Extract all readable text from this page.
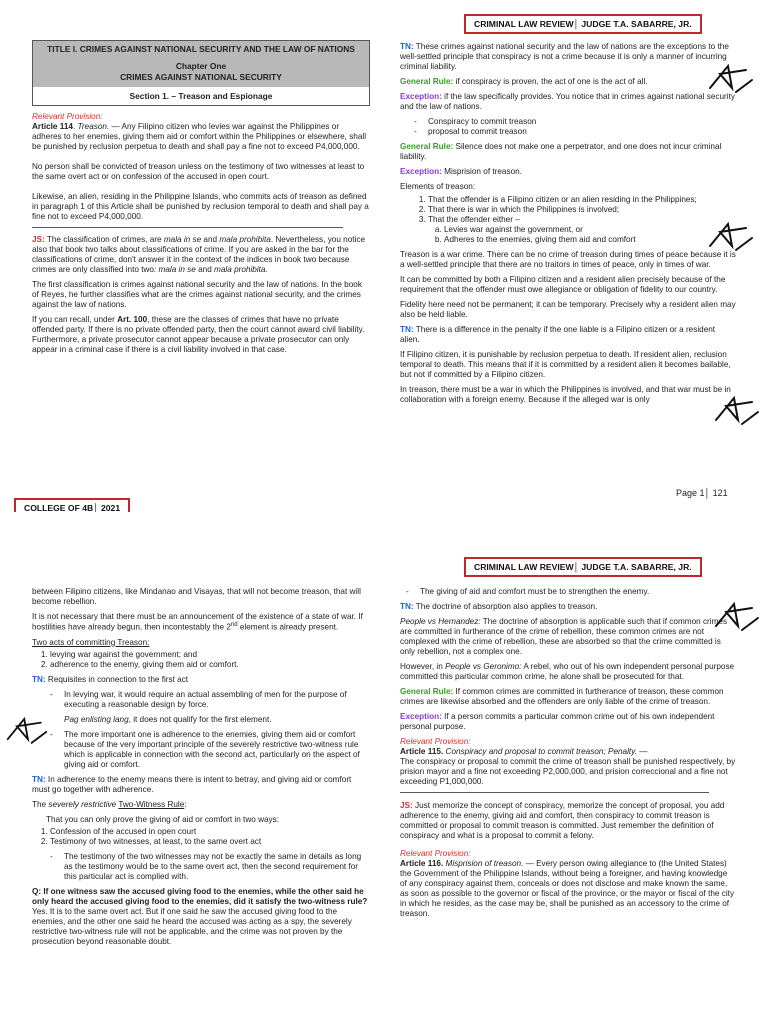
CRIMINAL LAW REVIEW│ JUDGE T.A. SABARRE, JR.
TITLE I. CRIMES AGAINST NATIONAL SECURITY AND THE LAW OF NATIONS
Chapter One
CRIMES AGAINST NATIONAL SECURITY
Section 1. – Treason and Espionage

Relevant Provision:

Article 114. Treason. — Any Filipino citizen who levies war against the Philippines or adheres to her enemies, giving them aid or comfort within the Philippines or elsewhere, shall be punished by reclusion perpetua to death and shall pay a fine not to exceed P4,000,000.

No person shall be convicted of treason unless on the testimony of two witnesses at least to the same overt act or on confession of the accused in open court.

Likewise, an alien, residing in the Philippine Islands, who commits acts of treason as defined in paragraph 1 of this Article shall be punished by reclusion temporal to death and shall pay a fine not to exceed P4,000,000.

JS: The classification of crimes, are mala in se and mala prohibita. Nevertheless, you notice also that book two talks about classifications of crime. If you are asked in the bar for the classifications of crime, don't answer it in the context of the indices in book two because crimes are only classified into two: mala in se and mala prohibita.

The first classification is crimes against national security and the law of nations. In the book of Reyes, he further classifies what are the crimes against national security, and the crimes against the law of nations.

If you can recall, under Art. 100, these are the classes of crimes that have no private offended party. If there is no private offended party, then the court cannot award civil liability. Furthermore, a private prosecutor cannot appear because a private prosecutor can only appear in a criminal case if there is a civil liability involved in that case.

COLLEGE OF 4B│ 2021

TN: These crimes against national security and the law of nations are the exceptions to the well-settled principle that conspiracy is not a crime because it is only a manner of incurring criminal liability.

General Rule: if conspiracy is proven, the act of one is the act of all.

Exception: if the law specifically provides. You notice that in crimes against national security and the law of nations.

- Conspiracy to commit treason
- proposal to commit treason

General Rule: Silence does not make one a perpetrator, and one does not incur criminal liability.

Exception: Misprision of treason.

Elements of treason:

1. That the offender is a Filipino citizen or an alien residing in the Philippines;
2. That there is war in which the Philippines is involved;
3. That the offender either –
a. Levies war against the government, or
b. Adheres to the enemies, giving them aid and comfort

Treason is a war crime. There can be no crime of treason during times of peace because it is a well-settled principle that there are no traitors in times of peace, only in times of war.

It can be committed by both a Filipino citizen and a resident alien precisely because of the requirement that the offender must owe allegiance or obligation of fidelity to our country.

Fidelity here need not be permanent; it can be temporary. Precisely why a resident alien may also be held liable.

TN: There is a difference in the penalty if the one liable is a Filipino citizen or a resident alien.

If Filipino citizen, it is punishable by reclusion perpetua to death. If resident alien, reclusion temporal to death. This means that if it is committed by a resident alien it becomes bailable, but not if committed by a Filipino citizen.

In treason, there must be a war in which the Philippines is involved, and that war must be in collaboration with a foreign enemy. Because if the alleged war is only

Page 1│ 121
CRIMINAL LAW REVIEW│ JUDGE T.A. SABARRE, JR.

between Filipino citizens, like Mindanao and Visayas, that will not become treason, that will become rebellion.

It is not necessary that there must be an announcement of the existence of a state of war. If hostilities have already begun, then incontestably the 2nd element is already present.

Two acts of committing Treason:

1. levying war against the government; and
2. adherence to the enemy, giving them aid or comfort.

TN: Requisites in connection to the first act

- In levying war, it would require an actual assembling of men for the purpose of executing a reasonable design by force.

Pag enlisting lang, it does not qualify for the first element.

- The more important one is adherence to the enemies, giving them aid or comfort because of the very important principle of the severely restrictive two-witness rule which is applicable in connection with the second act, particularly on the aspect of giving aid or comfort.

TN: In adherence to the enemy means there is intent to betray, and giving aid or comfort must go together with adherence.

The severely restrictive Two-Witness Rule:

That you can only prove the giving of aid or comfort in two ways:

1. Confession of the accused in open court
2. Testimony of two witnesses, at least, to the same overt act
- The testimony of the two witnesses may not be exactly the same in details as long as the testimony would be to the same overt act, then the second requirement for this particular act is complied with.

Q: If one witness saw the accused giving food to the enemies, while the other said he only heard the accused giving food to the enemies, did it satisfy the two-witness rule?

Yes. It is to the same overt act. But if one said he saw the accused giving food to the enemies, and the other one said he heard the accused was acting as a spy, the severely restrictive two-witness rule will not be applicable, and the crime was not proven by the prosecution beyond reasonable doubt.

- The giving of aid and comfort must be to strengthen the enemy.

TN: The doctrine of absorption also applies to treason.

People vs Hernandez: The doctrine of absorption is applicable such that if common crimes are committed in furtherance of the crime of rebellion, these common crimes are not complexed with the crime of rebellion, these are absorbed so that the crime committed is only rebellion, not a complex one.

However, in People vs Geronimo: A rebel, who out of his own independent personal purpose committed this particular common crime, he alone shall be prosecuted for that.

General Rule: If common crimes are committed in furtherance of treason, these common crimes are likewise absorbed and the offenders are only liable of the crime of treason.

Exception: If a person commits a particular common crime out of his own independent personal purpose.

Relevant Provision:

Article 115. Conspiracy and proposal to commit treason; Penalty. —

The conspiracy or proposal to commit the crime of treason shall be punished respectively, by prision mayor and a fine not exceeding P2,000,000, and prision correccional and a fine not exceeding P1,000,000.

JS: Just memorize the concept of conspiracy, memorize the concept of proposal, you add adherence to the enemy, giving aid and comfort, then conspiracy to commit treason is committed or proposal to commit treason is committed. Just remember the definition of conspiracy and what is a proposal to commit a felony.

Relevant Provision:

Article 116. Misprision of treason. — Every person owing allegiance to (the United States) the Government of the Philippine Islands, without being a foreigner, and having knowledge of any conspiracy against them, conceals or does not disclose and make known the same, as soon as possible to the governor or fiscal of the province, or the mayor or fiscal of the city in which he resides, as the case may be, shall be punished as an accessory to the crime of treason.
